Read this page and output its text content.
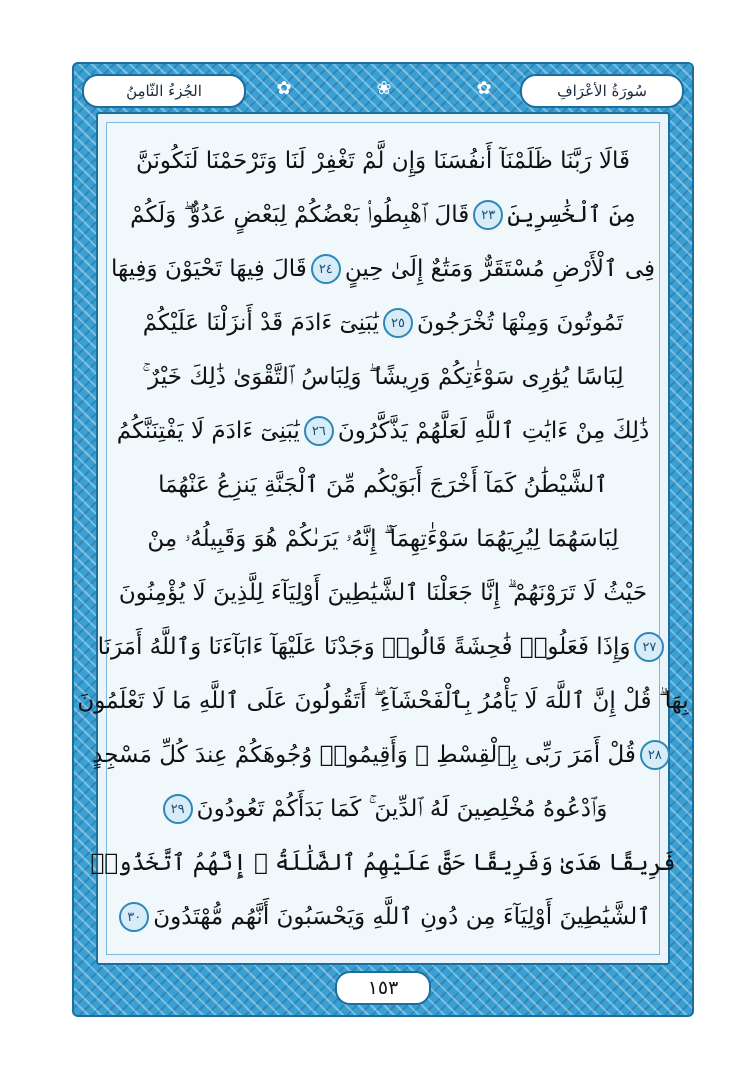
✿	❀	✿
الجُزءُ الثّامِنُ	سُورَةُ الأعْرَافِ
قَالَا رَبَّنَا ظَلَمْنَآ أَنفُسَنَا وَإِن لَّمْ تَغْفِرْ لَنَا وَتَرْحَمْنَا لَنَكُونَنَّ
مِنَ ٱلْخَٰسِرِينَ
٢٣
قَالَ ٱهْبِطُوا۟ بَعْضُكُمْ لِبَعْضٍ عَدُوٌّ ۖ وَلَكُمْ
فِى ٱلْأَرْضِ مُسْتَقَرٌّ وَمَتَٰعٌ إِلَىٰ حِينٍ
٢٤
قَالَ فِيهَا تَحْيَوْنَ وَفِيهَا
تَمُوتُونَ وَمِنْهَا تُخْرَجُونَ
٢٥
يَٰبَنِىٓ ءَادَمَ قَدْ أَنزَلْنَا عَلَيْكُمْ
لِبَاسًا يُوَٰرِى سَوْءَٰتِكُمْ وَرِيشًا ۖ وَلِبَاسُ ٱلتَّقْوَىٰ ذَٰلِكَ خَيْرٌ ۚ
ذَٰلِكَ مِنْ ءَايَٰتِ ٱللَّهِ لَعَلَّهُمْ يَذَّكَّرُونَ
٢٦
يَٰبَنِىٓ ءَادَمَ لَا يَفْتِنَنَّكُمُ
ٱلشَّيْطَٰنُ كَمَآ أَخْرَجَ أَبَوَيْكُم مِّنَ ٱلْجَنَّةِ يَنزِعُ عَنْهُمَا
لِبَاسَهُمَا لِيُرِيَهُمَا سَوْءَٰتِهِمَآ ۗ إِنَّهُۥ يَرَىٰكُمْ هُوَ وَقَبِيلُهُۥ مِنْ
حَيْثُ لَا تَرَوْنَهُمْ ۗ إِنَّا جَعَلْنَا ٱلشَّيَٰطِينَ أَوْلِيَآءَ لِلَّذِينَ لَا يُؤْمِنُونَ
٢٧
وَإِذَا فَعَلُوا۟ فَٰحِشَةً قَالُوا۟ وَجَدْنَا عَلَيْهَآ ءَابَآءَنَا وَٱللَّهُ أَمَرَنَا
بِهَا ۗ قُلْ إِنَّ ٱللَّهَ لَا يَأْمُرُ بِٱلْفَحْشَآءِ ۖ أَتَقُولُونَ عَلَى ٱللَّهِ مَا لَا تَعْلَمُونَ
٢٨
قُلْ أَمَرَ رَبِّى بِٱلْقِسْطِ ۖ وَأَقِيمُوا۟ وُجُوهَكُمْ عِندَ كُلِّ مَسْجِدٍ
وَٱدْعُوهُ مُخْلِصِينَ لَهُ ٱلدِّينَ ۚ كَمَا بَدَأَكُمْ تَعُودُونَ
٢٩
فَرِيقًا هَدَىٰ وَفَرِيقًا حَقَّ عَلَيْهِمُ ٱلضَّلَٰلَةُ ۗ إِنَّهُمُ ٱتَّخَذُوا۟
ٱلشَّيَٰطِينَ أَوْلِيَآءَ مِن دُونِ ٱللَّهِ وَيَحْسَبُونَ أَنَّهُم مُّهْتَدُونَ
٣٠
١٥٣
